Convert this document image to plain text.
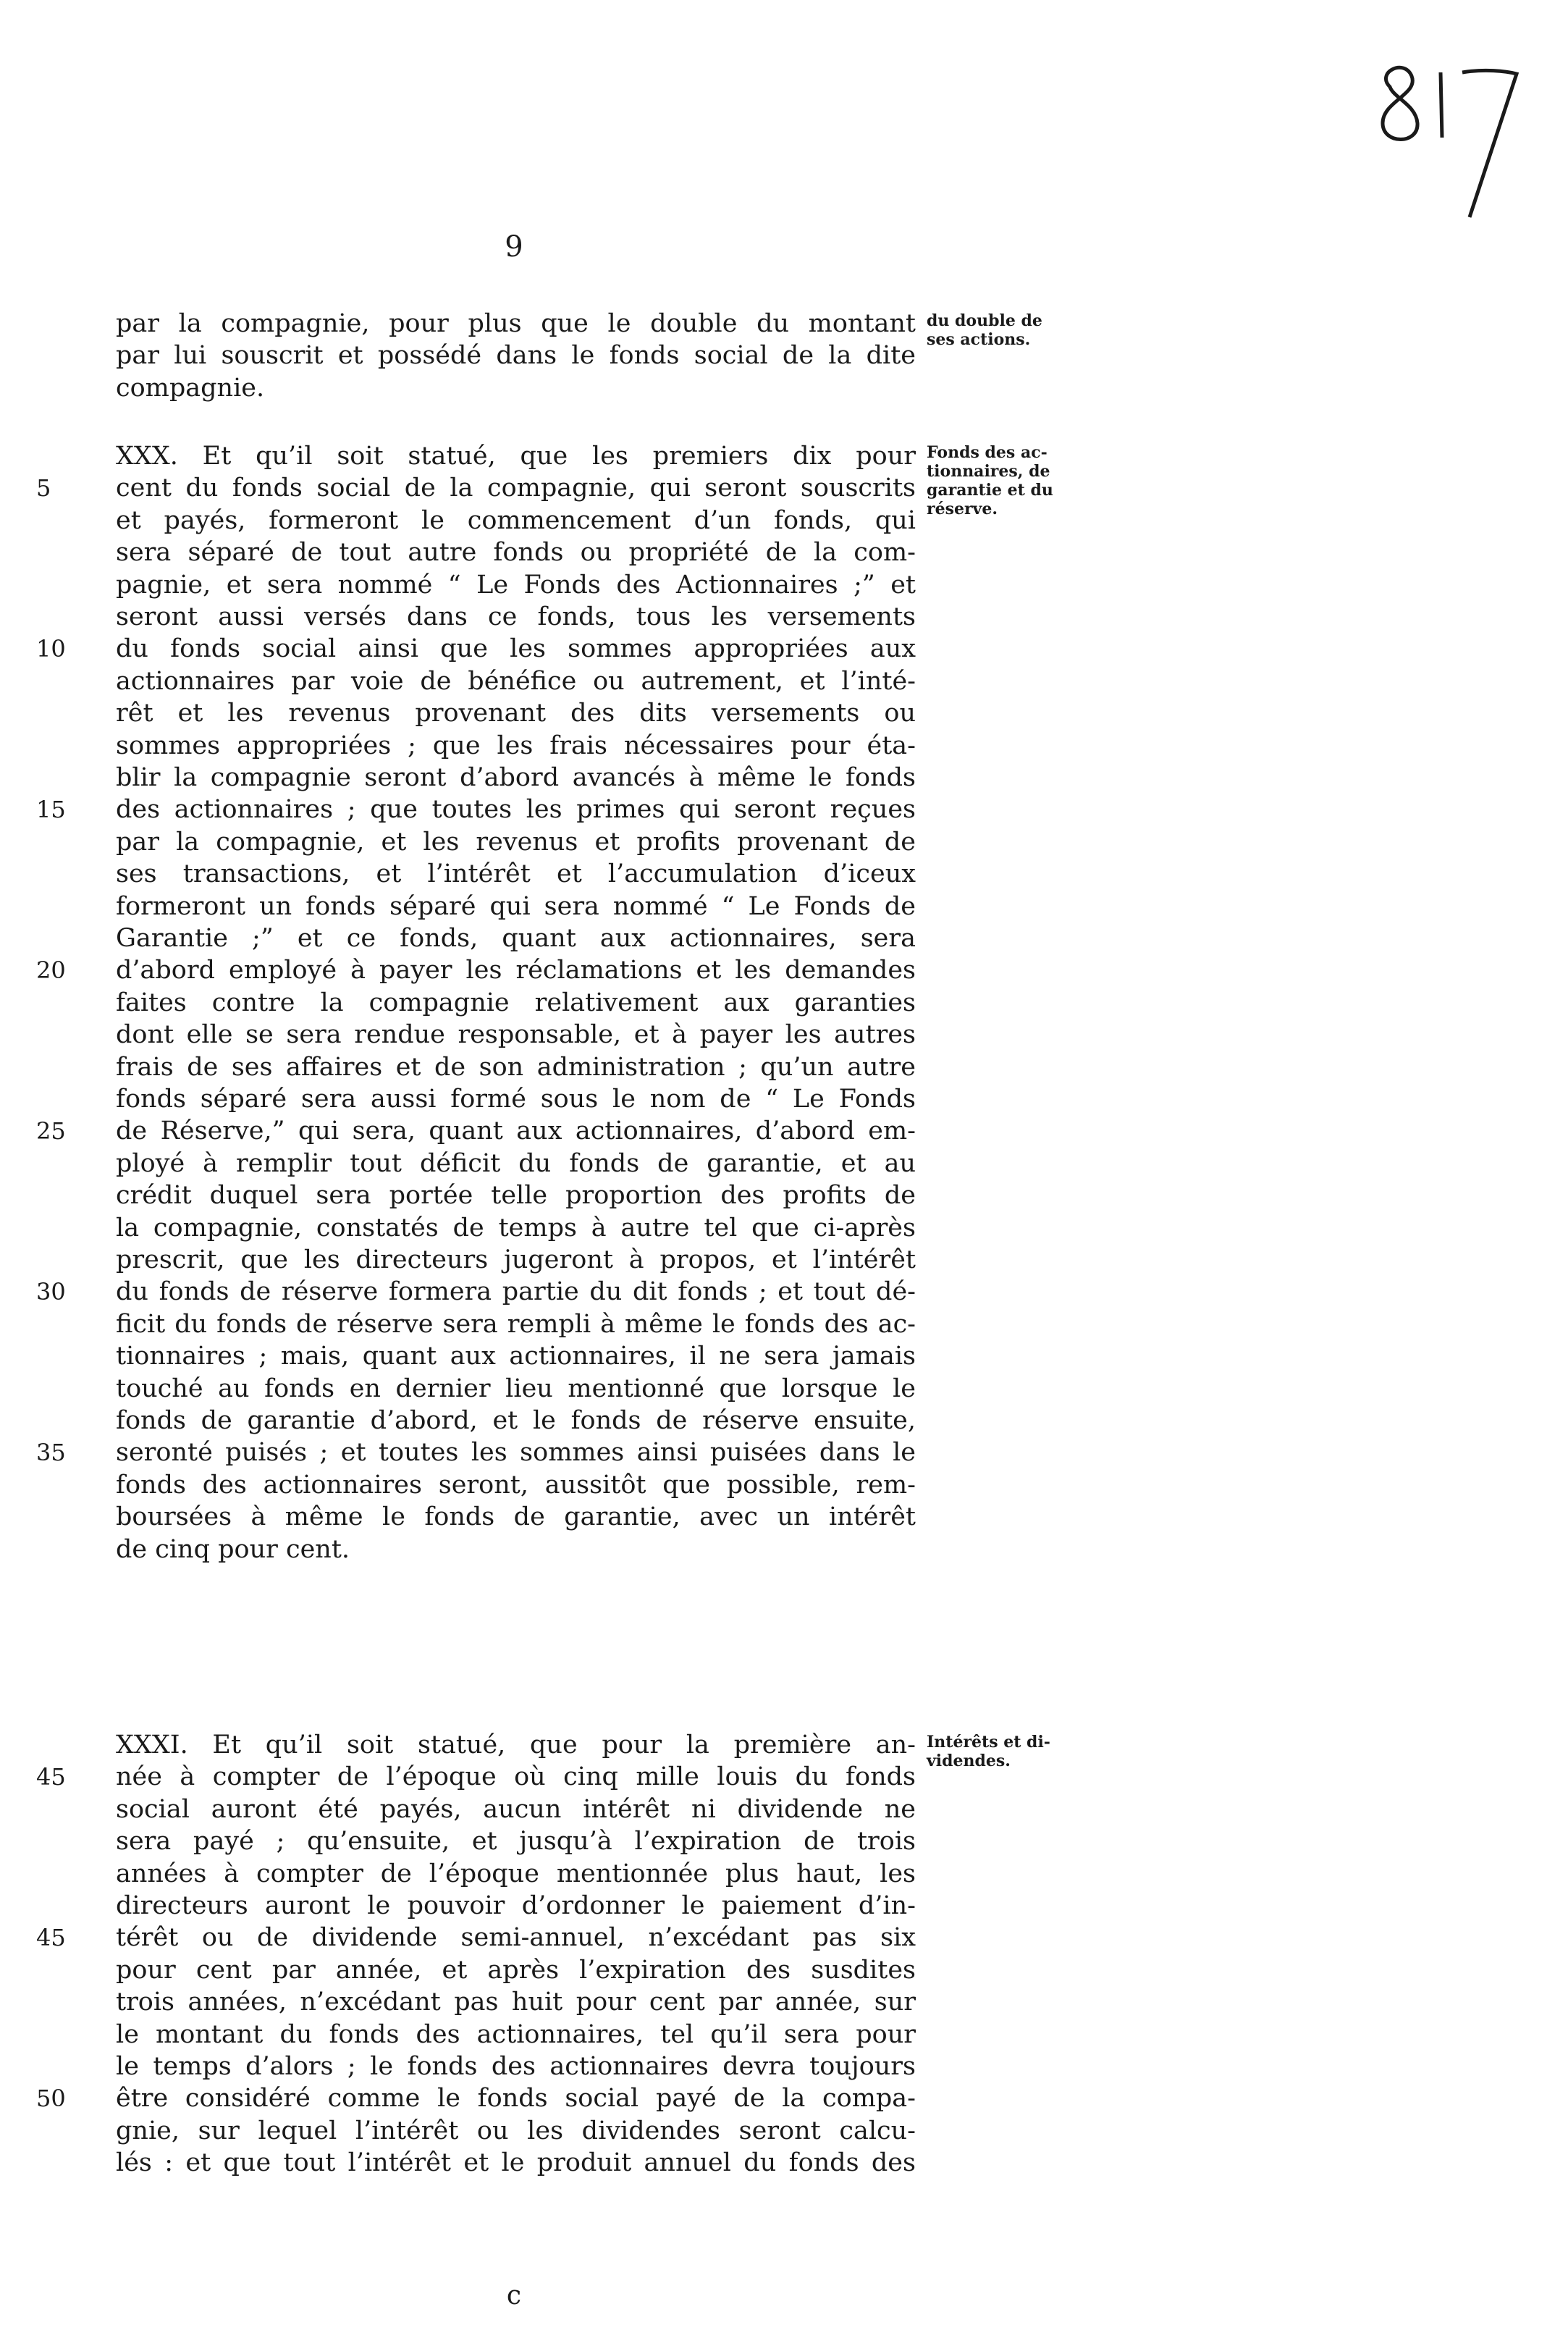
9
du double de
ses actions.
Fonds des ac-
tionnaires, de
garantie et du
réserve.
Intérêts et di-
videndes.
par la compagnie, pour plus que le double du montant
par lui souscrit et possédé dans le fonds social de la dite
compagnie.
XXX. Et qu’il soit statué, que les premiers dix pour
5	cent du fonds social de la compagnie, qui seront souscrits
et payés, formeront le commencement d’un fonds, qui
sera séparé de tout autre fonds ou propriété de la com-
pagnie, et sera nommé “ Le Fonds des Actionnaires ;” et
seront aussi versés dans ce fonds, tous les versements
10	du fonds social ainsi que les sommes appropriées aux
actionnaires par voie de bénéfice ou autrement, et l’inté-
rêt et les revenus provenant des dits versements ou
sommes appropriées ; que les frais nécessaires pour éta-
blir la compagnie seront d’abord avancés à même le fonds
15	des actionnaires ; que toutes les primes qui seront reçues
par la compagnie, et les revenus et profits provenant de
ses transactions, et l’intérêt et l’accumulation d’iceux
formeront un fonds séparé qui sera nommé “ Le Fonds de
Garantie ;” et ce fonds, quant aux actionnaires, sera
20	d’abord employé à payer les réclamations et les demandes
faites contre la compagnie relativement aux garanties
dont elle se sera rendue responsable, et à payer les autres
frais de ses affaires et de son administration ; qu’un autre
fonds séparé sera aussi formé sous le nom de “ Le Fonds
25	de Réserve,” qui sera, quant aux actionnaires, d’abord em-
ployé à remplir tout déficit du fonds de garantie, et au
crédit duquel sera portée telle proportion des profits de
la compagnie, constatés de temps à autre tel que ci-après
prescrit, que les directeurs jugeront à propos, et l’intérêt
30	du fonds de réserve formera partie du dit fonds ; et tout dé-
ficit du fonds de réserve sera rempli à même le fonds des ac-
tionnaires ; mais, quant aux actionnaires, il ne sera jamais
touché au fonds en dernier lieu mentionné que lorsque le
fonds de garantie d’abord, et le fonds de réserve ensuite,
35	seronté puisés ; et toutes les sommes ainsi puisées dans le
fonds des actionnaires seront, aussitôt que possible, rem-
boursées à même le fonds de garantie, avec un intérêt
de cinq pour cent.
XXXI. Et qu’il soit statué, que pour la première an-
45	née à compter de l’époque où cinq mille louis du fonds
social auront été payés, aucun intérêt ni dividende ne
sera payé ; qu’ensuite, et jusqu’à l’expiration de trois
années à compter de l’époque mentionnée plus haut, les
directeurs auront le pouvoir d’ordonner le paiement d’in-
45	térêt ou de dividende semi-annuel, n’excédant pas six
pour cent par année, et après l’expiration des susdites
trois années, n’excédant pas huit pour cent par année, sur
le montant du fonds des actionnaires, tel qu’il sera pour
le temps d’alors ; le fonds des actionnaires devra toujours
50	être considéré comme le fonds social payé de la compa-
gnie, sur lequel l’intérêt ou les dividendes seront calcu-
lés : et que tout l’intérêt et le produit annuel du fonds des
c
